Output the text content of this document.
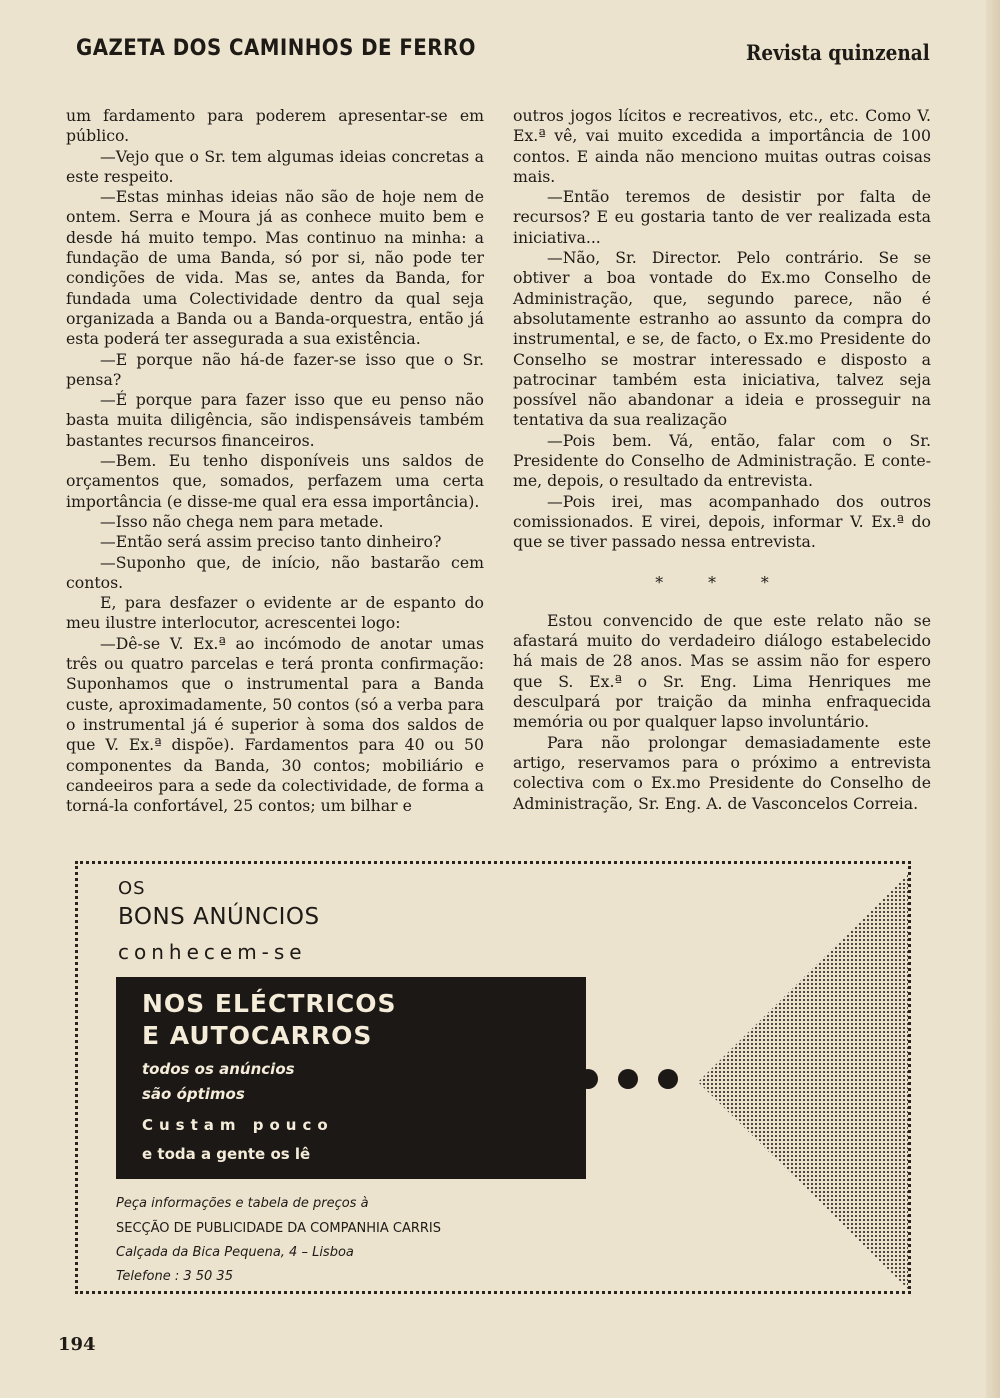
GAZETA DOS CAMINHOS DE FERRO	Revista quinzenal

um fardamento para poderem apresentar-se em público.

—Vejo que o Sr. tem algumas ideias concretas a este respeito.

—Estas minhas ideias não são de hoje nem de ontem. Serra e Moura já as conhece muito bem e desde há muito tempo. Mas continuo na minha: a fundação de uma Banda, só por si, não pode ter condições de vida. Mas se, antes da Banda, for fundada uma Colectividade dentro da qual seja organizada a Banda ou a Banda-orquestra, então já esta poderá ter assegurada a sua existência.

—E porque não há-de fazer-se isso que o Sr. pensa?

—É porque para fazer isso que eu penso não basta muita diligência, são indispensáveis também bastantes recursos financeiros.

—Bem. Eu tenho disponíveis uns saldos de orçamentos que, somados, perfazem uma certa importância (e disse-me qual era essa importância).

—Isso não chega nem para metade.

—Então será assim preciso tanto dinheiro?

—Suponho que, de início, não bastarão cem contos.

E, para desfazer o evidente ar de espanto do meu ilustre interlocutor, acrescentei logo:

—Dê-se V. Ex.ª ao incómodo de anotar umas três ou quatro parcelas e terá pronta confirmação: Suponhamos que o instrumental para a Banda custe, aproximadamente, 50 contos (só a verba para o instrumental já é superior à soma dos saldos de que V. Ex.ª dispõe). Fardamentos para 40 ou 50 componentes da Banda, 30 contos; mobiliário e candeeiros para a sede da colectividade, de forma a torná-la confortável, 25 contos; um bilhar e

outros jogos lícitos e recreativos, etc., etc. Como V. Ex.ª vê, vai muito excedida a importância de 100 contos. E ainda não menciono muitas outras coisas mais.

—Então teremos de desistir por falta de recursos? E eu gostaria tanto de ver realizada esta iniciativa...

—Não, Sr. Director. Pelo contrário. Se se obtiver a boa vontade do Ex.mo Conselho de Administração, que, segundo parece, não é absolutamente estranho ao assunto da compra do instrumental, e se, de facto, o Ex.mo Presidente do Conselho se mostrar interessado e disposto a patrocinar também esta iniciativa, talvez seja possível não abandonar a ideia e prosseguir na tentativa da sua realização

—Pois bem. Vá, então, falar com o Sr. Presidente do Conselho de Administração. E conte-me, depois, o resultado da entrevista.

—Pois irei, mas acompanhado dos outros comissionados. E virei, depois, informar V. Ex.ª do que se tiver passado nessa entrevista.

* * *

Estou convencido de que este relato não se afastará muito do verdadeiro diálogo estabelecido há mais de 28 anos. Mas se assim não for espero que S. Ex.ª o Sr. Eng. Lima Henriques me desculpará por traição da minha enfraquecida memória ou por qualquer lapso involuntário.

Para não prolongar demasiadamente este artigo, reservamos para o próximo a entrevista colectiva com o Ex.mo Presidente do Conselho de Administração, Sr. Eng. A. de Vasconcelos Correia.

OS
BONS ANÚNCIOS
conhecem-se
NOS ELÉCTRICOS
E AUTOCARROS
todos os anúncios
são óptimos
Custam pouco
e toda a gente os lê
Peça informações e tabela de preços à
SECÇÃO DE PUBLICIDADE DA COMPANHIA CARRIS
Calçada da Bica Pequena, 4 – Lisboa
Telefone : 3 50 35
194
